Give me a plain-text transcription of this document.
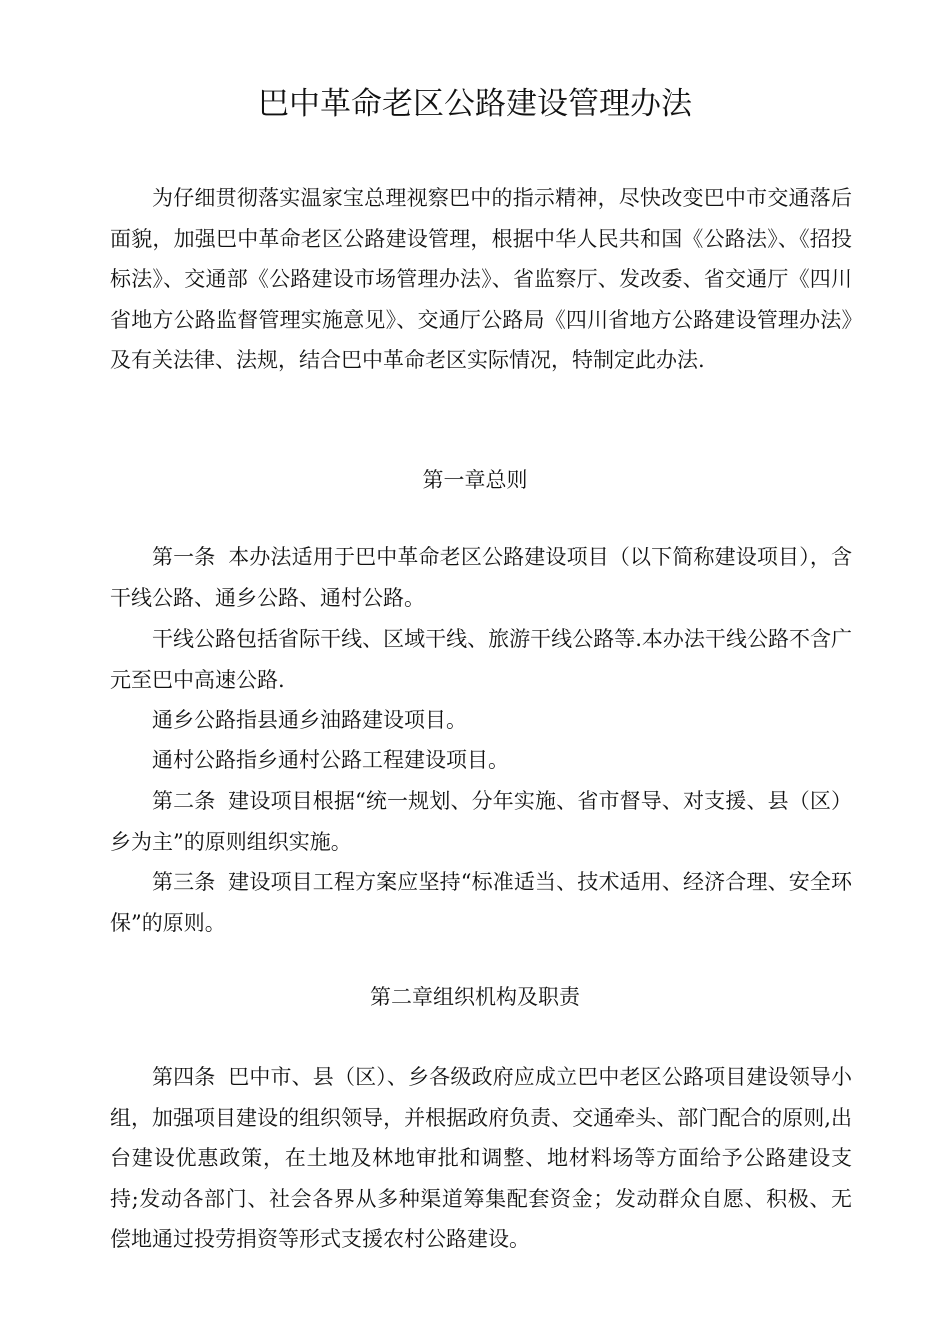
巴中革命老区公路建设管理办法

为仔细贯彻落实温家宝总理视察巴中的指示精神，尽快改变巴中市交通落后面貌，加强巴中革命老区公路建设管理，根据中华人民共和国《公路法》、《招投标法》、交通部《公路建设市场管理办法》、省监察厅、发改委、省交通厅《四川省地方公路监督管理实施意见》、交通厅公路局《四川省地方公路建设管理办法》及有关法律、法规，结合巴中革命老区实际情况，特制定此办法.

第一章总则

第一条 本办法适用于巴中革命老区公路建设项目（以下简称建设项目），含干线公路、通乡公路、通村公路。

干线公路包括省际干线、区域干线、旅游干线公路等.本办法干线公路不含广元至巴中高速公路.

通乡公路指县通乡油路建设项目。

通村公路指乡通村公路工程建设项目。

第二条 建设项目根据“统一规划、分年实施、省市督导、对支援、县（区）乡为主”的原则组织实施。

第三条 建设项目工程方案应坚持“标准适当、技术适用、经济合理、安全环保”的原则。

第二章组织机构及职责

第四条 巴中市、县（区）、乡各级政府应成立巴中老区公路项目建设领导小组，加强项目建设的组织领导，并根据政府负责、交通牵头、部门配合的原则,出台建设优惠政策，在土地及林地审批和调整、地材料场等方面给予公路建设支持;发动各部门、社会各界从多种渠道筹集配套资金；发动群众自愿、积极、无偿地通过投劳捐资等形式支援农村公路建设。
